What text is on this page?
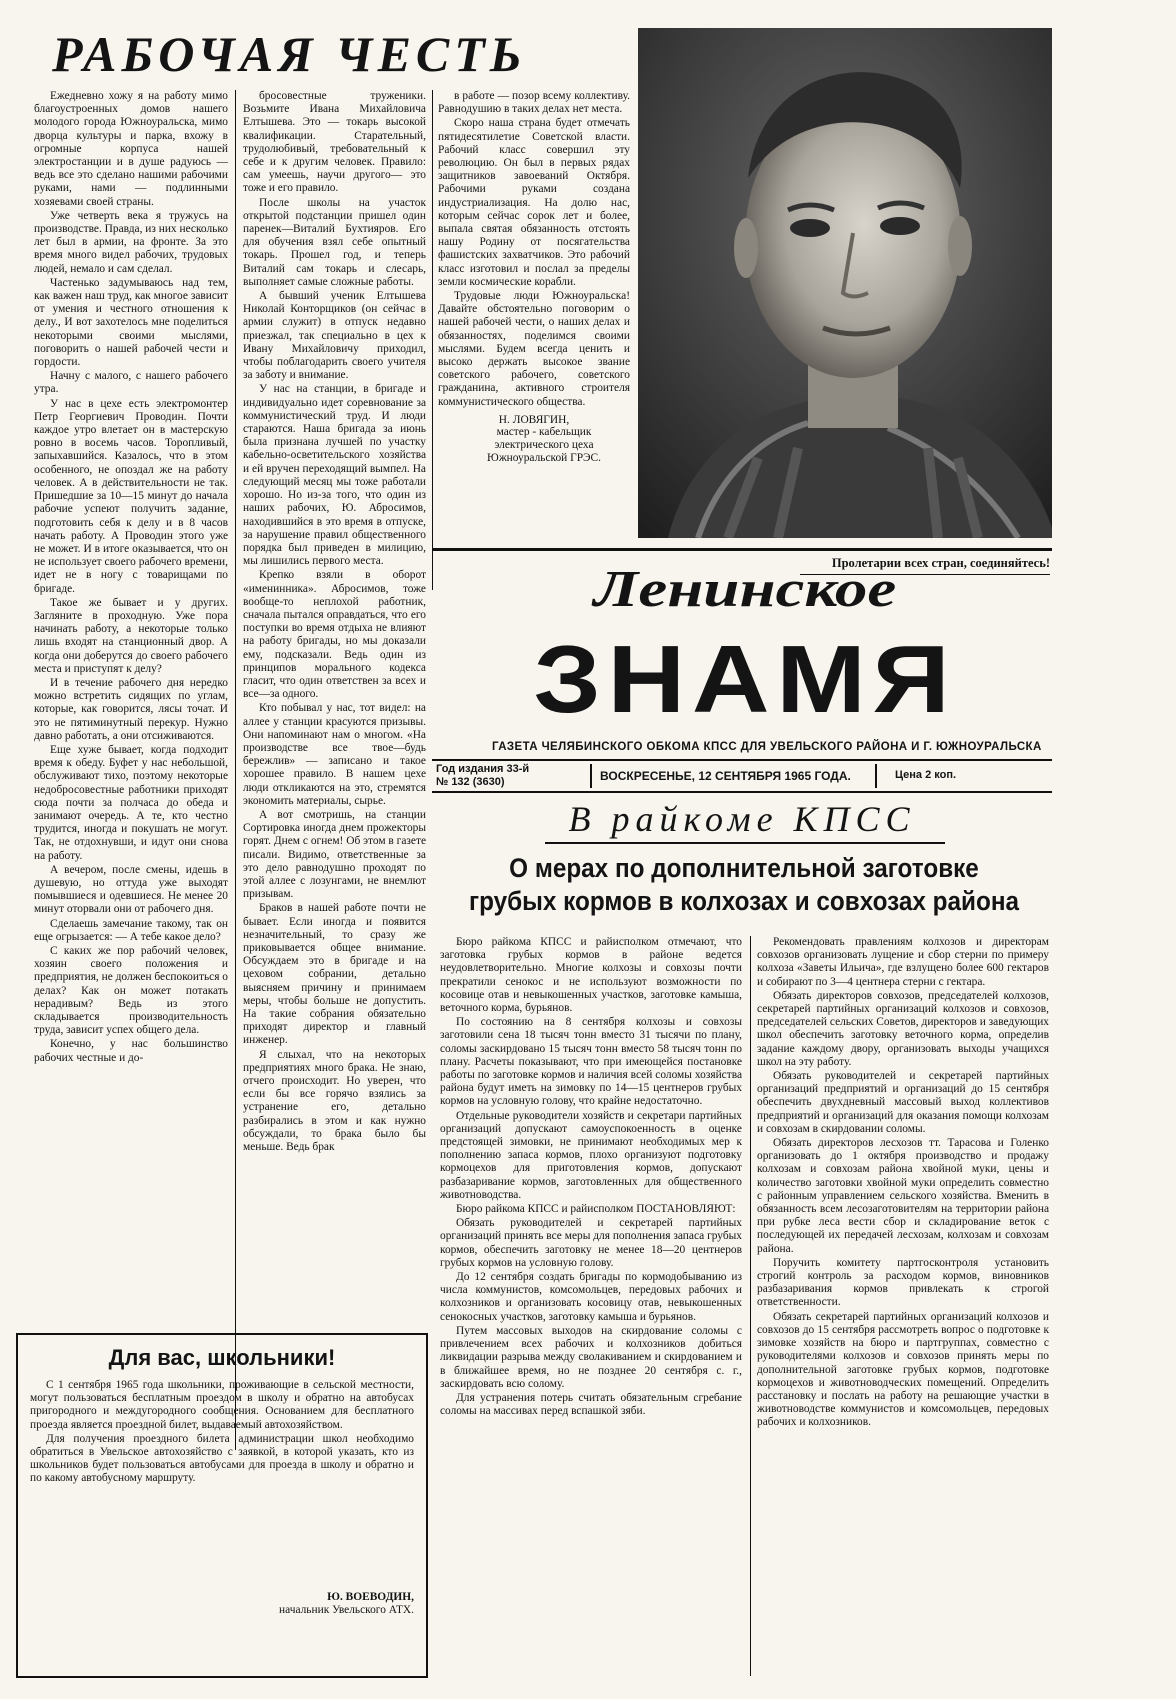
РАБОЧАЯ ЧЕСТЬ

Ежедневно хожу я на работу мимо благоустроенных домов нашего молодого города Южноуральска, мимо дворца культуры и парка, вхожу в огромные корпуса нашей электростанции и в душе радуюсь — ведь все это сделано нашими рабочими руками, нами — подлинными хозяевами своей страны.

Уже четверть века я тружусь на производстве. Правда, из них несколько лет был в армии, на фронте. За это время много видел рабочих, трудовых людей, немало и сам сделал.

Частенько задумываюсь над тем, как важен наш труд, как многое зависит от умения и честного отношения к делу., И вот захотелось мне поделиться некоторыми своими мыслями, поговорить о нашей рабочей чести и гордости.

Начну с малого, с нашего рабочего утра.

У нас в цехе есть электромонтер Петр Георгиевич Проводин. Почти каждое утро влетает он в мастерскую ровно в восемь часов. Торопливый, запыхавшийся. Казалось, что в этом особенного, не опоздал же на работу человек. А в действительности не так. Пришедшие за 10—15 минут до начала рабочие успеют получить задание, подготовить себя к делу и в 8 часов начать работу. А Проводин этого уже не может. И в итоге оказывается, что он не использует своего рабочего времени, идет не в ногу с товарищами по бригаде.

Такое же бывает и у других. Загляните в проходную. Уже пора начинать работу, а некоторые только лишь входят на станционный двор. А когда они доберутся до своего рабочего места и приступят к делу?

И в течение рабочего дня нередко можно встретить сидящих по углам, которые, как говорится, лясы точат. И это не пятиминутный перекур. Нужно давно работать, а они отсиживаются.

Еще хуже бывает, когда подходит время к обеду. Буфет у нас небольшой, обслуживают тихо, поэтому некоторые недобросовестные работники приходят сюда почти за полчаса до обеда и занимают очередь. А те, кто честно трудится, иногда и покушать не могут. Так, не отдохнувши, и идут они снова на работу.

А вечером, после смены, идешь в душевую, но оттуда уже выходят помывшиеся и одевшиеся. Не менее 20 минут оторвали они от рабочего дня.

Сделаешь замечание такому, так он еще огрызается: — А тебе какое дело?

С каких же пор рабочий человек, хозяин своего положения и предприятия, не должен беспокоиться о делах? Как он может потакать нерадивым? Ведь из этого складывается производительность труда, зависит успех общего дела.

Конечно, у нас большинство рабочих честные и до-

бросовестные труженики. Возьмите Ивана Михайловича Елтышева. Это — токарь высокой квалификации. Старательный, трудолюбивый, требовательный к себе и к другим человек. Правило: сам умеешь, научи другого— это тоже и его правило.

После школы на участок открытой подстанции пришел один паренек—Виталий Бухтияров. Его для обучения взял себе опытный токарь. Прошел год, и теперь Виталий сам токарь и слесарь, выполняет самые сложные работы.

А бывший ученик Елтышева Николай Конторщиков (он сейчас в армии служит) в отпуск недавно приезжал, так специально в цех к Ивану Михайловичу приходил, чтобы поблагодарить своего учителя за заботу и внимание.

У нас на станции, в бригаде и индивидуально идет соревнование за коммунистический труд. И люди стараются. Наша бригада за июнь была признана лучшей по участку кабельно-осветительского хозяйства и ей вручен переходящий вымпел. На следующий месяц мы тоже работали хорошо. Но из-за того, что один из наших рабочих, Ю. Абросимов, находившийся в это время в отпуске, за нарушение правил общественного порядка был приведен в милицию, мы лишились первого места.

Крепко взяли в оборот «именинника». Абросимов, тоже вообще-то неплохой работник, сначала пытался оправдаться, что его поступки во время отдыха не влияют на работу бригады, но мы доказали ему, подсказали. Ведь один из принципов морального кодекса гласит, что один ответствен за всех и все—за одного.

Кто побывал у нас, тот видел: на аллее у станции красуются призывы. Они напоминают нам о многом. «На производстве все твое—будь бережлив» — записано и такое хорошее правило. В нашем цехе люди откликаются на это, стремятся экономить материалы, сырье.

А вот смотришь, на станции Сортировка иногда днем прожекторы горят. Днем с огнем! Об этом в газете писали. Видимо, ответственные за это дело равнодушно проходят по этой аллее с лозунгами, не внемлют призывам.

Браков в нашей работе почти не бывает. Если иногда и появится незначительный, то сразу же приковывается общее внимание. Обсуждаем это в бригаде и на цеховом собрании, детально выясняем причину и принимаем меры, чтобы больше не допустить. На такие собрания обязательно приходят директор и главный инженер.

Я слыхал, что на некоторых предприятиях много брака. Не знаю, отчего происходит. Но уверен, что если бы все горячо взялись за устранение его, детально разбирались в этом и как нужно обсуждали, то брака было бы меньше. Ведь брак

в работе — позор всему коллективу. Равнодушию в таких делах нет места.

Скоро наша страна будет отмечать пятидесятилетие Советской власти. Рабочий класс совершил эту революцию. Он был в первых рядах защитников завоеваний Октября. Рабочими руками создана индустриализация. На долю нас, которым сейчас сорок лет и более, выпала святая обязанность отстоять нашу Родину от посягательства фашистских захватчиков. Это рабочий класс изготовил и послал за пределы земли космические корабли.

Трудовые люди Южноуральска! Давайте обстоятельно поговорим о нашей рабочей чести, о наших делах и обязанностях, поделимся своими мыслями. Будем всегда ценить и высоко держать высокое звание советского рабочего, советского гражданина, активного строителя коммунистического общества.

Н. ЛОВЯГИН,
мастер - кабельщик электрического цеха Южноуральской ГРЭС.
Пролетарии всех стран, соединяйтесь!
Ленинское
ЗНАМЯ
ГАЗЕТА ЧЕЛЯБИНСКОГО ОБКОМА КПСС ДЛЯ УВЕЛЬСКОГО РАЙОНА И Г. ЮЖНОУРАЛЬСКА
Год издания 33-й
№ 132 (3630)	ВОСКРЕСЕНЬЕ, 12 СЕНТЯБРЯ 1965 ГОДА.	Цена 2 коп.
В райкоме КПСС
О мерах по дополнительной заготовке
грубых кормов в колхозах и совхозах района

Бюро райкома КПСС и райисполком отмечают, что заготовка грубых кормов в районе ведется неудовлетворительно. Многие колхозы и совхозы почти прекратили сенокос и не используют возможности по косовице отав и невыкошенных участков, заготовке камыша, веточного корма, бурьянов.

По состоянию на 8 сентября колхозы и совхозы заготовили сена 18 тысяч тонн вместо 31 тысячи по плану, соломы заскирдовано 15 тысяч тонн вместо 58 тысяч тонн по плану. Расчеты показывают, что при имеющейся постановке работы по заготовке кормов и наличия всей соломы хозяйства района будут иметь на зимовку по 14—15 центнеров грубых кормов на условную голову, что крайне недостаточно.

Отдельные руководители хозяйств и секретари партийных организаций допускают самоуспокоенность в оценке предстоящей зимовки, не принимают необходимых мер к пополнению запаса кормов, плохо организуют подготовку кормоцехов для приготовления кормов, допускают разбазаривание кормов, заготовленных для общественного животноводства.

Бюро райкома КПСС и райисполком ПОСТАНОВЛЯЮТ:

Обязать руководителей и секретарей партийных организаций принять все меры для пополнения запаса грубых кормов, обеспечить заготовку не менее 18—20 центнеров грубых кормов на условную голову.

До 12 сентября создать бригады по кормодобыванию из числа коммунистов, комсомольцев, передовых рабочих и колхозников и организовать косовицу отав, невыкошенных сенокосных участков, заготовку камыша и бурьянов.

Путем массовых выходов на скирдование соломы с привлечением всех рабочих и колхозников добиться ликвидации разрыва между сволакиванием и скирдованием и в ближайшее время, но не позднее 20 сентября с. г., заскирдовать всю солому.

Для устранения потерь считать обязательным сгребание соломы на массивах перед вспашкой зяби.

Рекомендовать правлениям колхозов и директорам совхозов организовать лущение и сбор стерни по примеру колхоза «Заветы Ильича», где взлущено более 600 гектаров и собирают по 3—4 центнера стерни с гектара.

Обязать директоров совхозов, председателей колхозов, секретарей партийных организаций колхозов и совхозов, председателей сельских Советов, директоров и заведующих школ обеспечить заготовку веточного корма, определив задание каждому двору, организовать выходы учащихся школ на эту работу.

Обязать руководителей и секретарей партийных организаций предприятий и организаций до 15 сентября обеспечить двухдневный массовый выход коллективов предприятий и организаций для оказания помощи колхозам и совхозам в скирдовании соломы.

Обязать директоров лесхозов тт. Тарасова и Голенко организовать до 1 октября производство и продажу колхозам и совхозам района хвойной муки, цены и количество заготовки хвойной муки определить совместно с районным управлением сельского хозяйства. Вменить в обязанность всем лесозаготовителям на территории района при рубке леса вести сбор и складирование веток с последующей их передачей лесхозам, колхозам и совхозам района.

Поручить комитету партгосконтроля установить строгий контроль за расходом кормов, виновников разбазаривания кормов привлекать к строгой ответственности.

Обязать секретарей партийных организаций колхозов и совхозов до 15 сентября рассмотреть вопрос о подготовке к зимовке хозяйств на бюро и партгруппах, совместно с руководителями колхозов и совхозов принять меры по дополнительной заготовке грубых кормов, подготовке кормоцехов и животноводческих помещений. Определить расстановку и послать на работу на решающие участки в животноводстве коммунистов и комсомольцев, передовых рабочих и колхозников.

Для вас, школьники!

С 1 сентября 1965 года школьники, проживающие в сельской местности, могут пользоваться бесплатным проездом в школу и обратно на автобусах пригородного и междугородного сообщения. Основанием для бесплатного проезда является проездной билет, выдаваемый автохозяйством.

Для получения проездного билета администрации школ необходимо обратиться в Увельское автохозяйство с заявкой, в которой указать, кто из школьников будет пользоваться автобусами для проезда в школу и обратно и по какому автобусному маршруту.

Ю. ВОЕВОДИН,
начальник Увельского АТХ.
